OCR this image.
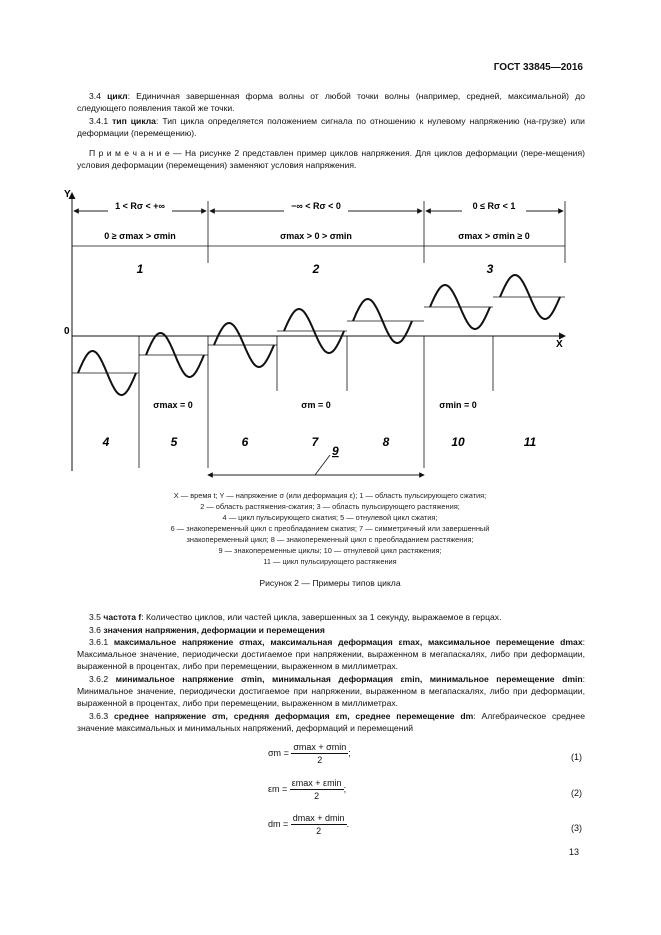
ГОСТ 33845—2016
3.4 цикл: Единичная завершенная форма волны от любой точки волны (например, средней, максимальной) до следующего появления такой же точки.
3.4.1 тип цикла: Тип цикла определяется положением сигнала по отношению к нулевому напряжению (на-грузке) или деформации (перемещению).
П р и м е ч а н и е — На рисунке 2 представлен пример циклов напряжения. Для циклов деформации (пере-мещения) условия деформации (перемещения) заменяют условия напряжения.
Y
X
0
1 < Rσ < +∞	−∞ < Rσ < 0	0 ≤ Rσ < 1
0 ≥ σmax > σmin	σmax > 0 > σmin	σmax > σmin ≥ 0
1	2	3
σmax = 0	σm = 0	σmin = 0
4	5	6	7	8	10	11
9
X — время t; Y — напряжение σ (или деформация ε); 1 — область пульсирующего сжатия;
2 — область растяжения-сжатия; 3 — область пульсирующего растяжения;
4 — цикл пульсирующего сжатия; 5 — отнулевой цикл сжатия;
6 — знакопеременный цикл с преобладанием сжатия; 7 — симметричный или завершенный
знакопеременный цикл; 8 — знакопеременный цикл с преобладанием растяжения;
9 — знакопеременные циклы; 10 — отнулевой цикл растяжения;
11 — цикл пульсирующего растяжения
Рисунок 2 — Примеры типов цикла
3.5 частота f: Количество циклов, или частей цикла, завершенных за 1 секунду, выражаемое в герцах.
3.6 значения напряжения, деформации и перемещения
3.6.1 максимальное напряжение σmax, максимальная деформация εmax, максимальное перемещение dmax: Максимальное значение, периодически достигаемое при напряжении, выраженном в мегапаскалях, либо при деформации, выраженной в процентах, либо при перемещении, выраженном в миллиметрах.
3.6.2 минимальное напряжение σmin, минимальная деформация εmin, минимальное перемещение dmin: Минимальное значение, периодически достигаемое при напряжении, выраженном в мегапаскалях, либо при деформации, выраженной в процентах, либо при перемещении, выраженном в миллиметрах.
3.6.3 среднее напряжение σm, средняя деформация εm, среднее перемещение dm: Алгебраическое среднее значение максимальных и минимальных напряжений, деформаций и перемещений
$\sigma m = \frac{\sigma\max + \sigma\min}{2}$ ;	(1)
$\varepsilon m = \frac{\varepsilon\max + \varepsilon\min}{2}$ ;	(2)
dm = $\frac{dmax + dmin}{2}$ .	(3)
13
